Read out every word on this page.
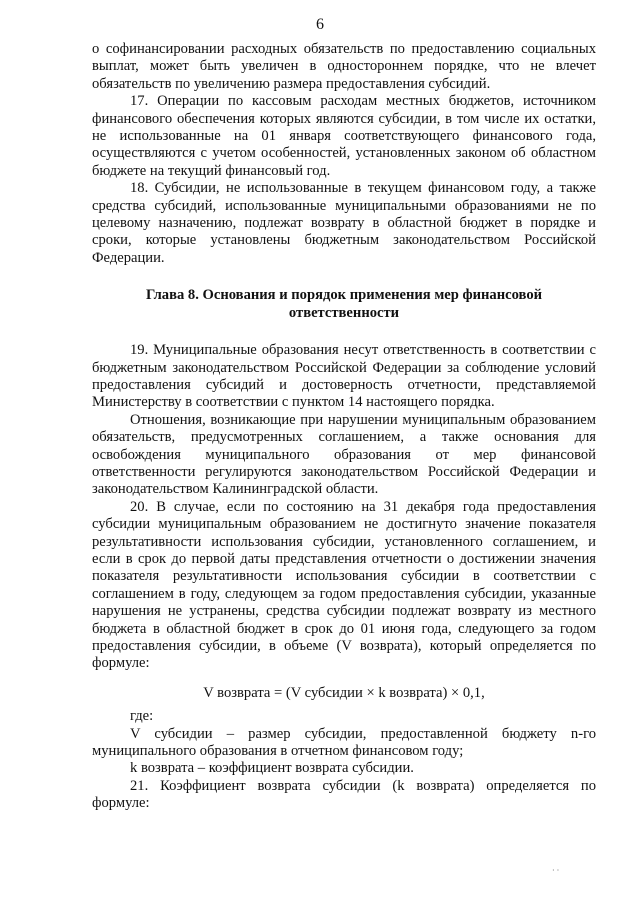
6

о софинансировании расходных обязательств по предоставлению социальных выплат, может быть увеличен в одностороннем порядке, что не влечет обязательств по увеличению размера предоставления субсидий.

17. Операции по кассовым расходам местных бюджетов, источником финансового обеспечения которых являются субсидии, в том числе их остатки, не использованные на 01 января соответствующего финансового года, осуществляются с учетом особенностей, установленных законом об областном бюджете на текущий финансовый год.

18. Субсидии, не использованные в текущем финансовом году, а также средства субсидий, использованные муниципальными образованиями не по целевому назначению, подлежат возврату в областной бюджет в порядке и сроки, которые установлены бюджетным законодательством Российской Федерации.

Глава 8. Основания и порядок применения мер финансовой ответственности

19. Муниципальные образования несут ответственность в соответствии с бюджетным законодательством Российской Федерации за соблюдение условий предоставления субсидий и достоверность отчетности, представляемой Министерству в соответствии с пунктом 14 настоящего порядка.

Отношения, возникающие при нарушении муниципальным образованием обязательств, предусмотренных соглашением, а также основания для освобождения муниципального образования от мер финансовой ответственности регулируются законодательством Российской Федерации и законодательством Калининградской области.

20. В случае, если по состоянию на 31 декабря года предоставления субсидии муниципальным образованием не достигнуто значение показателя результативности использования субсидии, установленного соглашением, и если в срок до первой даты представления отчетности о достижении значения показателя результативности использования субсидии в соответствии с соглашением в году, следующем за годом предоставления субсидии, указанные нарушения не устранены, средства субсидии подлежат возврату из местного бюджета в областной бюджет в срок до 01 июня года, следующего за годом предоставления субсидии, в объеме (V возврата), который определяется по формуле:

V возврата = (V субсидии × k возврата) × 0,1,
где:

V субсидии – размер субсидии, предоставленной бюджету n-го муниципального образования в отчетном финансовом году;

k возврата – коэффициент возврата субсидии.

21. Коэффициент возврата субсидии (k возврата) определяется по формуле:

· ·
